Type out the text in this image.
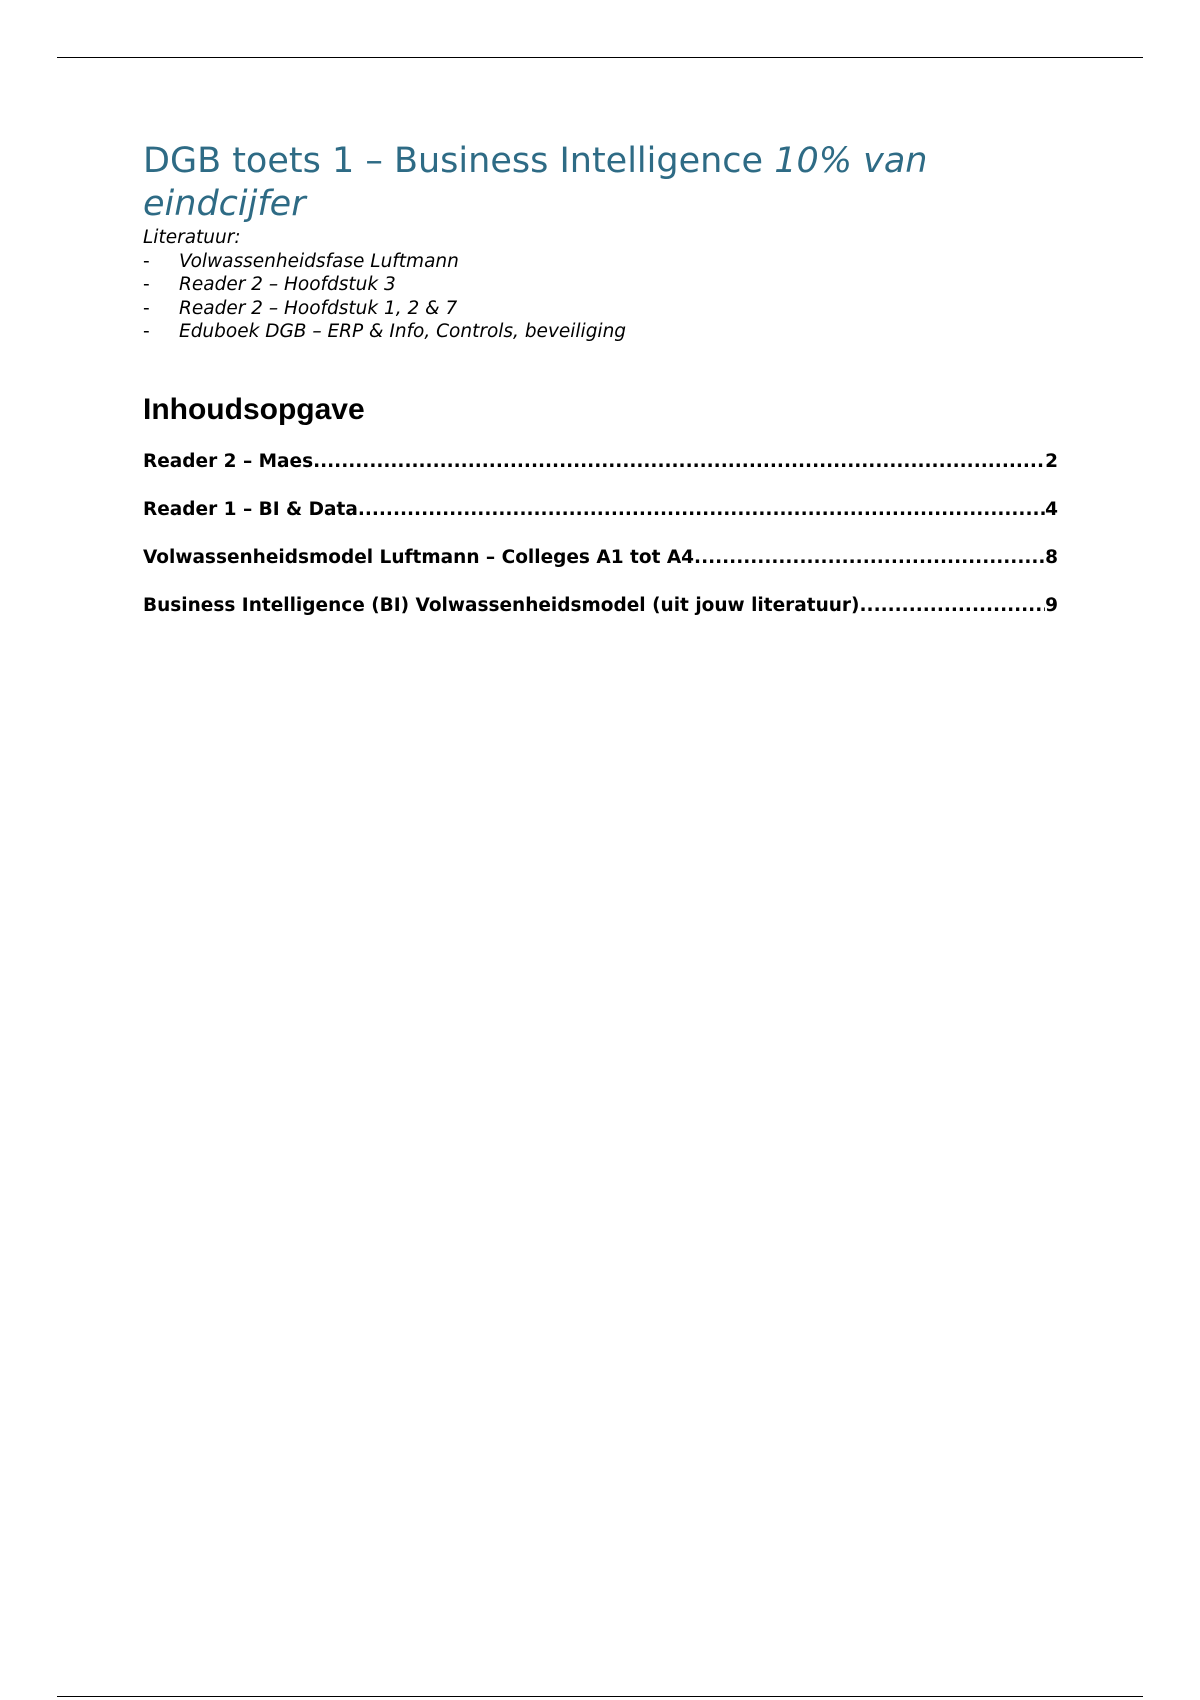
DGB toets 1 – Business Intelligence 10% van eindcijfer
Literatuur:
- Volwassenheidsfase Luftmann
- Reader 2 – Hoofdstuk 3
- Reader 2 – Hoofdstuk 1, 2 & 7
- Eduboek DGB – ERP & Info, Controls, beveiliging
Inhoudsopgave
Reader 2 – Maes .....	2
Reader 1 – BI & Data .....	4
Volwassenheidsmodel Luftmann – Colleges A1 tot A4 .....	8
Business Intelligence (BI) Volwassenheidsmodel (uit jouw literatuur) .....	9
